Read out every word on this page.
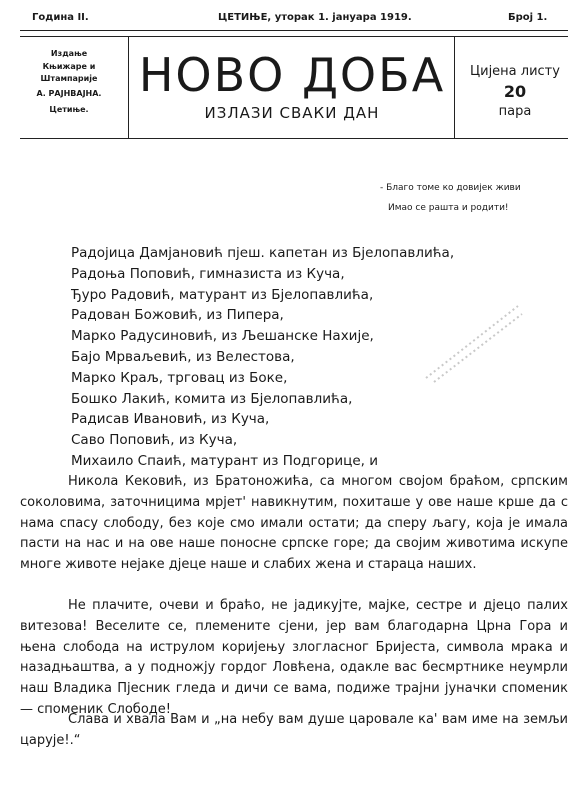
Година II.	ЦЕТИЊЕ, уторак 1. јануара 1919.	Број 1.
Издање
Књижаре и
Штампарије
А. РАЈНВАЈНА.
Цетиње.
НОВО ДОБА
ИЗЛАЗИ СВАКИ ДАН
Цијена листу
20
пара
- Благо томе ко довијек живи
Имао се рашта и родити!
Радојица Дамјановић пјеш. капетан из Бјелопавлића,
Радоња Поповић, гимназиста из Куча,
Ђуро Радовић, матурант из Бјелопавлића,
Радован Божовић, из Пипера,
Марко Радусиновић, из Љешанске Нахије,
Бајо Мрваљевић, из Велестова,
Марко Краљ, трговац из Боке,
Бошко Лакић, комита из Бјелопавлића,
Радисав Ивановић, из Куча,
Саво Поповић, из Куча,
Михаило Спаић, матурант из Подгорице, и

Никола Кековић, из Братоножића, са многом својом браћом, српским соколовима, заточницима мрјет' навикнутим, похиташе у ове наше крше да с нама спасу слободу, без које смо имали остати; да сперу љагу, која је имала пасти на нас и на ове наше поносне српске горе; да својим животима искупе многе животе нејаке дјеце наше и слабих жена и стараца наших.

Не плачите, очеви и браћо, не јадикујте, мајке, сестре и дјецо палих витезова! Веселите се, племените сјени, јер вам благодарна Црна Гора и њена слобода на иструлом коријењу злогласног Бријеста, символа мрака и назадњаштва, а у подножју гордог Ловћена, одакле вас бесмртнике неумрли наш Владика Пјесник гледа и дичи се вама, подиже трајни јуначки споменик — споменик Слободе!

Слава и хвала Вам и „на небу вам душе царовале ка' вам име на земљи царује!.“
